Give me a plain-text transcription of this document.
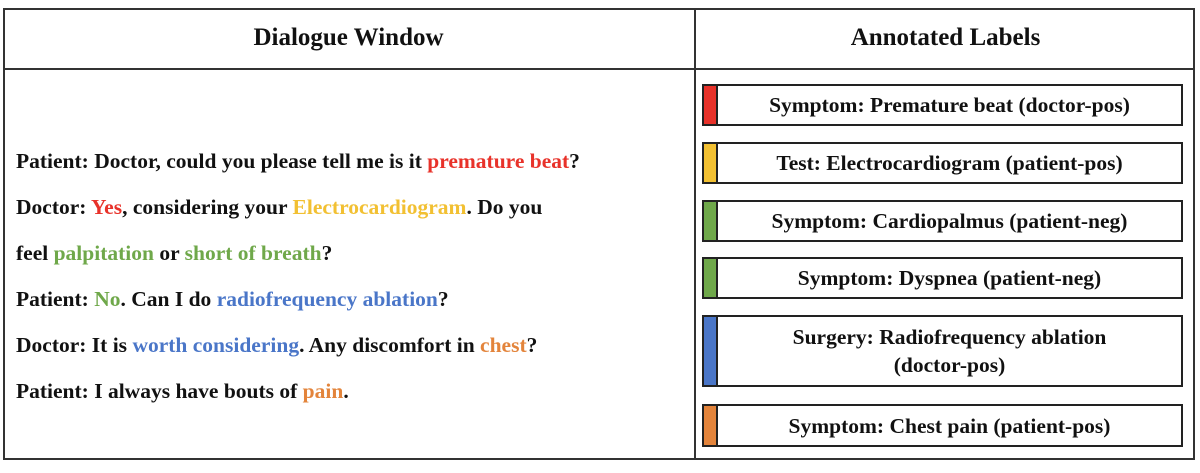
Dialogue Window	Annotated Labels
Patient: Doctor, could you please tell me is it premature beat?
Doctor: Yes, considering your Electrocardiogram. Do you
feel palpitation or short of breath?
Patient: No. Can I do radiofrequency ablation?
Doctor: It is worth considering. Any discomfort in chest?
Patient: I always have bouts of pain.
Symptom: Premature beat (doctor-pos)
Test: Electrocardiogram (patient-pos)
Symptom: Cardiopalmus (patient-neg)
Symptom: Dyspnea (patient-neg)
Surgery: Radiofrequency ablation (doctor-pos)
Symptom: Chest pain (patient-pos)
